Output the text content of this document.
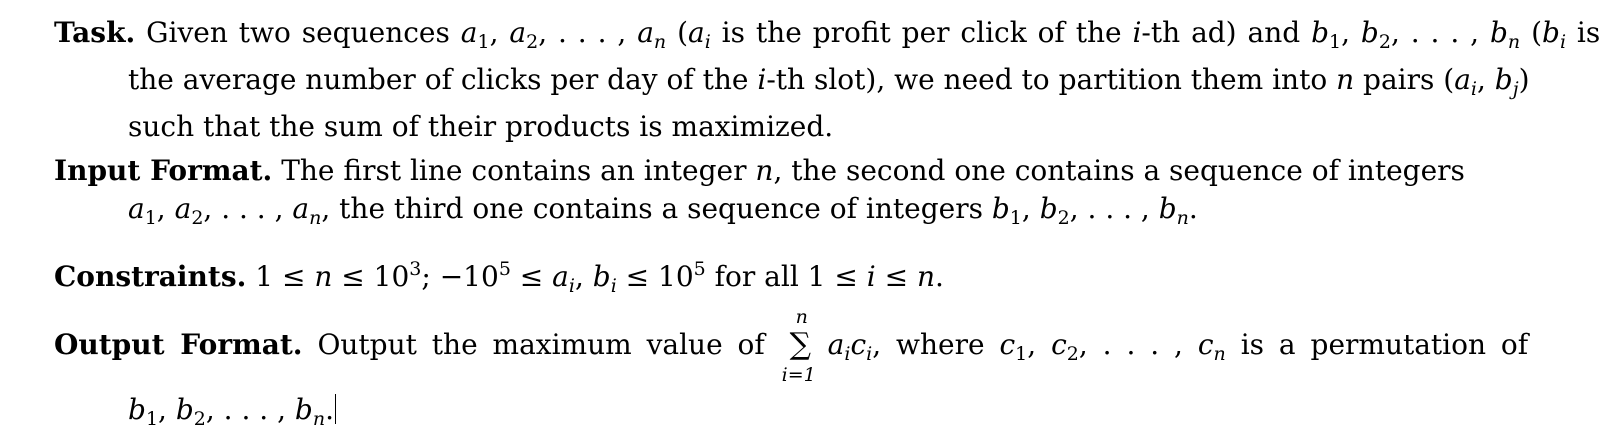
Task. Given two sequences $a_1$, $a_2$, . . . , $a_n$ ($a_i$ is the profit per click of the i-th ad) and $b_1$, $b_2$, . . . , $b_n$ ($b_i$ is
the average number of clicks per day of the i-th slot), we need to partition them into n pairs ($a_i$, $b_j$)
such that the sum of their products is maximized.
Input Format. The first line contains an integer n, the second one contains a sequence of integers
$a_1$, $a_2$, . . . , $a_n$, the third one contains a sequence of integers $b_1$, $b_2$, . . . , $b_n$.
Constraints. $1 \le n \le 10^3$; $-10^5 \le a_i$, $b_i \le 10^5$ for all 1 ≤ i ≤ n.
Output Format. Output the maximum value of
n
∑
i=1
$a_ic_i$, where $c_1$, $c_2$, . . . , $c_n$ is a permutation of
$b_1$, $b_2$, . . . , $b_n$.
